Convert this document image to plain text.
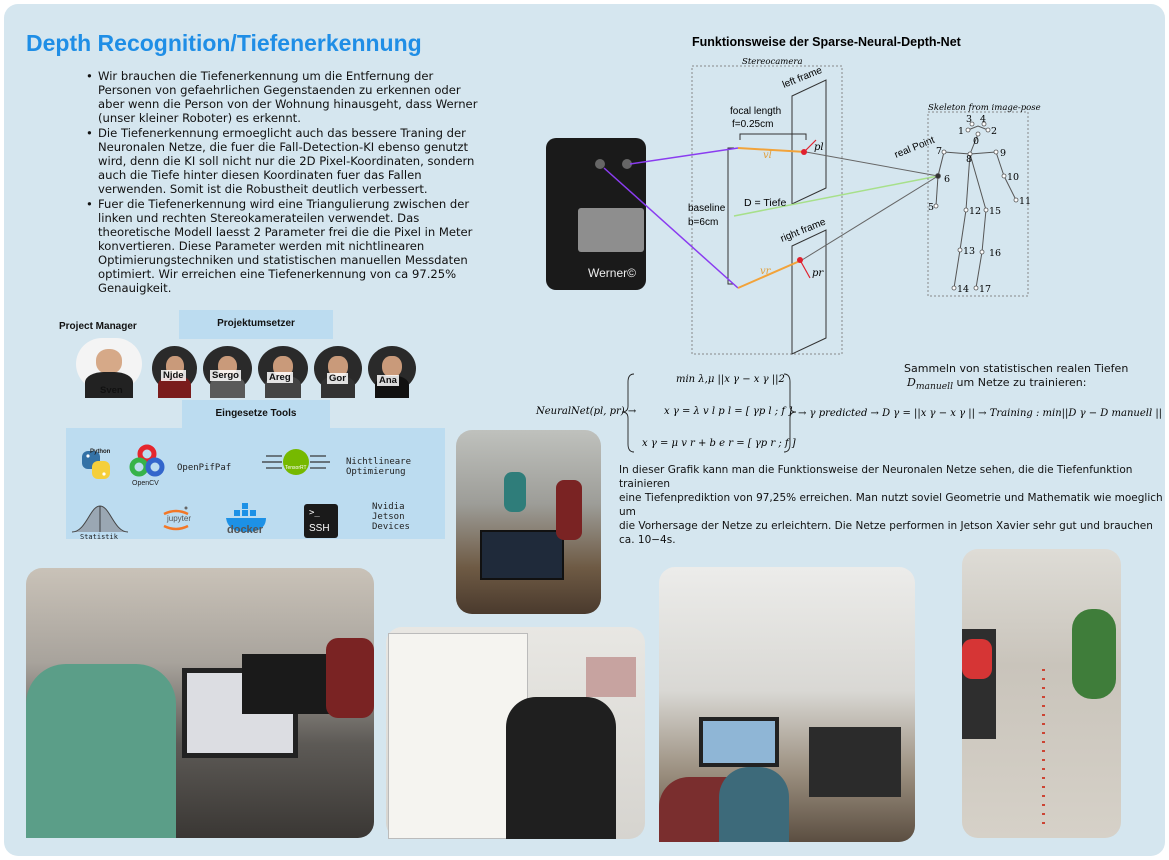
Depth Recognition/Tiefenerkennung
• Wir brauchen die Tiefenerkennung um die Entfernung der Personen von gefaehrlichen Gegenstaenden zu erkennen oder aber wenn die Person von der Wohnung hinausgeht, dass Werner (unser kleiner Roboter) es erkennt.
• Die Tiefenerkennung ermoeglicht auch das bessere Traning der Neuronalen Netze, die fuer die Fall-Detection-KI ebenso genutzt wird, denn die KI soll nicht nur die 2D Pixel-Koordinaten, sondern auch die Tiefe hinter diesen Koordinaten fuer das Fallen verwenden. Somit ist die Robustheit deutlich verbessert.
• Fuer die Tiefenerkennung wird eine Triangulierung zwischen der linken und rechten Stereokamerateilen verwendet. Das theoretische Modell laesst 2 Parameter frei die die Pixel in Meter konvertieren. Diese Parameter werden mit nichtlinearen Optimierungstechniken und statistischen manuellen Messdaten optimiert. Wir erreichen eine Tiefenerkennung von ca 97.25% Genauigkeit.
Project Manager	Projektumsetzer
Sven
Njde	Sergo	Areg	Gor	Ana
Eingesetze Tools
>_
Python
OpenCV
OpenPifPaf	TensorRT
Nichtlineare
Optimierung
Statistik
jupyter
docker	SSH
Nvidia
Jetson
Devices
Funktionsweise der Sparse-Neural-Depth-Net
Stereocamera
Werner©
left frame
right frame
focal length
f=0.25cm
baseline
b=6cm
vl
vr
pl
pr
D = Tiefe
real Point
Skeleton from image-pose
0
1	2
3 4
5
6
7
8
9
10
11
12
13
14
15
16
17
Sammeln von statistischen realen Tiefen
$D_{manuell}$ um Netze zu trainieren:
NeuralNet(pl, pr) →
min λ,μ ||x γ − x γ ||2
x γ = λ v l p l = [ γp l ; f ]
x γ = μ v r + b e r = [ γp r ; f ]
→ γ predicted → D γ = ||x γ − x γ || → Training : min||D γ − D manuell ||
In dieser Grafik kann man die Funktionsweise der Neuronalen Netze sehen, die die Tiefenfunktion trainieren
eine Tiefenprediktion von 97,25% erreichen. Man nutzt soviel Geometrie und Mathematik wie moeglich um
die Vorhersage der Netze zu erleichtern. Die Netze performen in Jetson Xavier sehr gut und brauchen ca. 10−4s.
